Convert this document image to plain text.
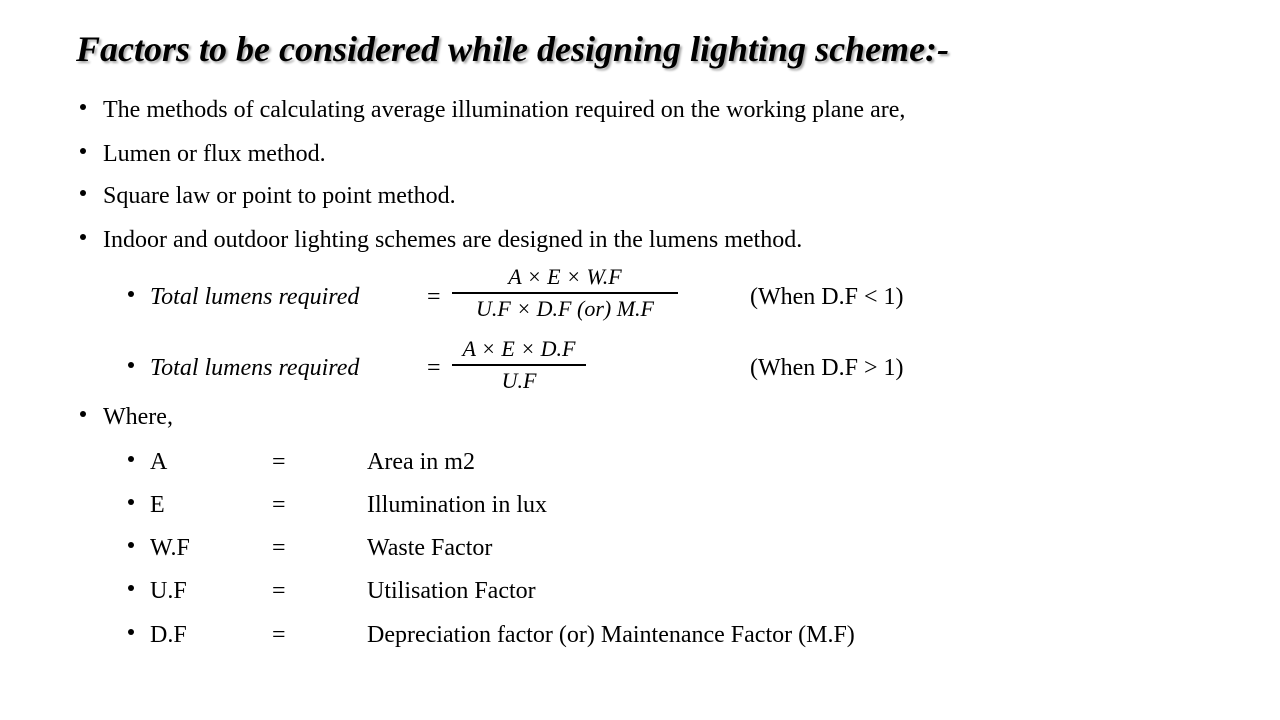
Factors to be considered while designing lighting scheme:-
The methods of calculating average illumination required on the working plane are,
Lumen or flux method.
Square law or point to point method.
Indoor and outdoor lighting schemes are designed in the lumens method.
Total lumens required	=
A × E × W.F
U.F × D.F (or) M.F	(When D.F < 1)
Total lumens required	=
A × E × D.F
U.F	(When D.F > 1)
Where,
A	=	Area in m2
E	=	Illumination in lux
W.F	=	Waste Factor
U.F	=	Utilisation Factor
D.F	=	Depreciation factor (or) Maintenance Factor (M.F)
